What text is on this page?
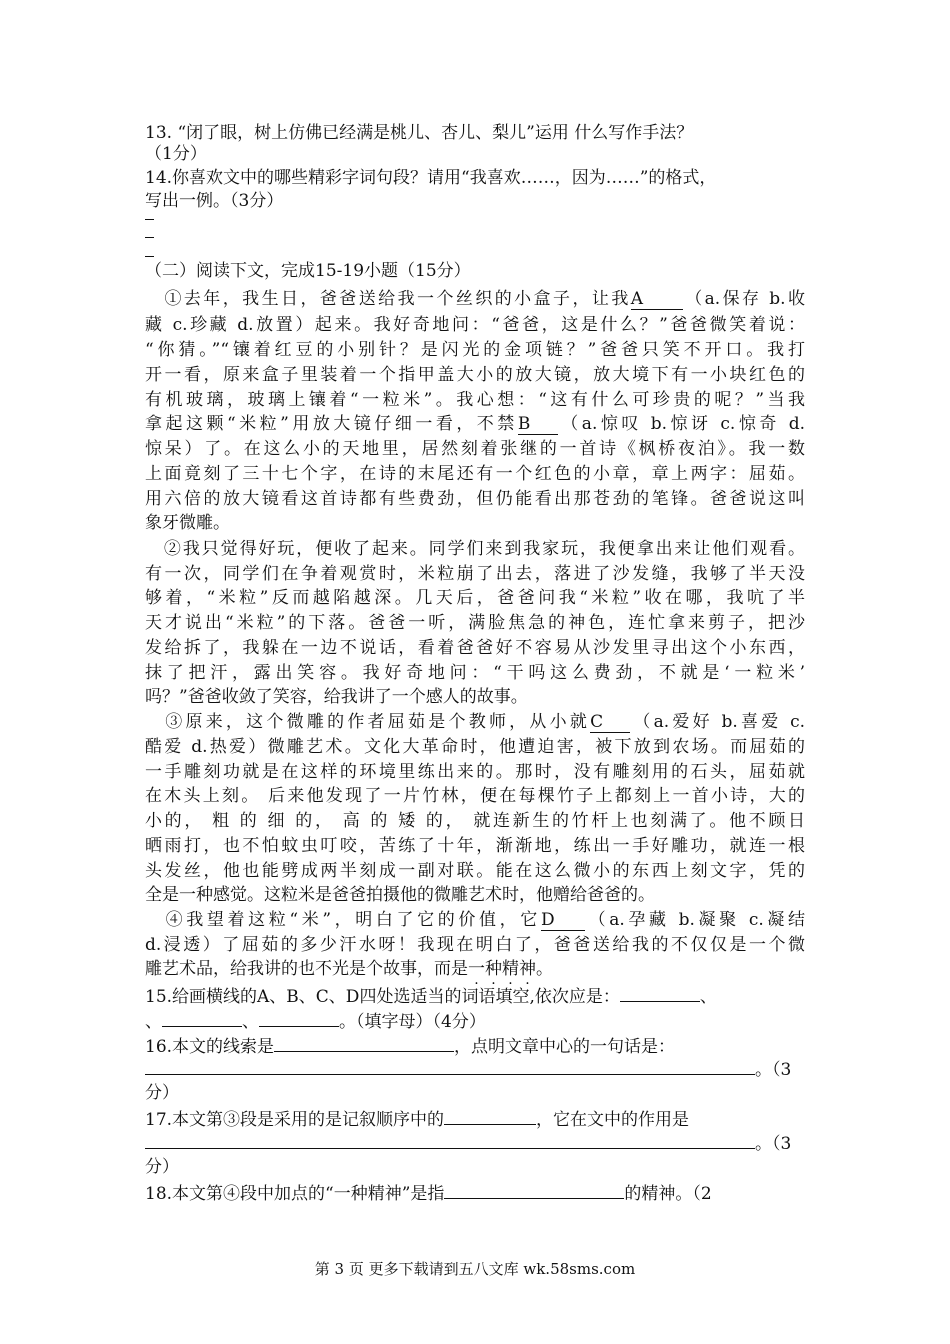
13. “闭了眼，树上仿佛已经满是桃儿、杏儿、梨儿”运用 什么写作手法？
（1分）
14.你喜欢文中的哪些精彩字词句段？请用“我喜欢……，因为……”的格式，
写出一例。（3分）
（二）阅读下文，完成15-19小题（15分）
　①去年，我生日，爸爸送给我一个丝织的小盒子，让我A （a.保存 b.收
藏 c.珍藏 d.放置）起来。我好奇地问：“爸爸，这是什么？”爸爸微笑着说：
“你猜。”“镶着红豆的小别针？是闪光的金项链？”爸爸只笑不开口。我打
开一看，原来盒子里装着一个指甲盖大小的放大镜，放大境下有一小块红色的
有机玻璃，玻璃上镶着“一粒米”。我心想：“这有什么可珍贵的呢？”当我
拿起这颗“米粒”用放大镜仔细一看，不禁B （a.惊叹 b.惊讶 c.惊奇 d.
惊呆）了。在这么小的天地里，居然刻着张继的一首诗《枫桥夜泊》。我一数
上面竟刻了三十七个字，在诗的末尾还有一个红色的小章，章上两字：屈茹。
用六倍的放大镜看这首诗都有些费劲，但仍能看出那苍劲的笔锋。爸爸说这叫
象牙微雕。
　②我只觉得好玩，便收了起来。同学们来到我家玩，我便拿出来让他们观看。
有一次，同学们在争着观赏时，米粒崩了出去，落进了沙发缝，我够了半天没
够着，“米粒”反而越陷越深。几天后，爸爸问我“米粒”收在哪，我吭了半
天才说出“米粒”的下落。爸爸一听，满脸焦急的神色，连忙拿来剪子，把沙
发给拆了，我躲在一边不说话，看着爸爸好不容易从沙发里寻出这个小东西，
抹了把汗，露出笑容。我好奇地问：“干吗这么费劲，不就是‘一粒米’
吗？”爸爸收敛了笑容，给我讲了一个感人的故事。
　③原来，这个微雕的作者屈茹是个教师，从小就C （a.爱好 b.喜爱 c.
酷爱 d.热爱）微雕艺术。文化大革命时，他遭迫害，被下放到农场。而屈茹的
一手雕刻功就是在这样的环境里练出来的。那时，没有雕刻用的石头，屈茹就
在木头上刻。 后来他发现了一片竹林，便在每棵竹子上都刻上一首小诗，大的
小的， 粗 的 细 的， 高 的 矮 的， 就连新生的竹杆上也刻满了。他不顾日
晒雨打，也不怕蚊虫叮咬，苦练了十年，渐渐地，练出一手好雕功，就连一根
头发丝，他也能劈成两半刻成一副对联。能在这么微小的东西上刻文字，凭的
全是一种感觉。这粒米是爸爸拍摄他的微雕艺术时，他赠给爸爸的。
　④我望着这粒“米”，明白了它的价值，它D （a.孕藏 b.凝聚 c.凝结
d.浸透）了屈茹的多少汗水呀！我现在明白了，爸爸送给我的不仅仅是一个微
雕艺术品，给我讲的也不光是个故事，而是一种精神。
15.给画横线的A、B、C、D四处选适当的词语填空,依次应是：	、
、	、	。（填字母）（4分）
16.本文的线索是	，点明文章中心的一句话是：
。（3
分）
17.本文第③段是采用的是记叙顺序中的	，它在文中的作用是
。（3
分）
18.本文第④段中加点的“一种精神”是指	的精神。（2
第 3 页 更多下载请到五八文库 wk.58sms.com
